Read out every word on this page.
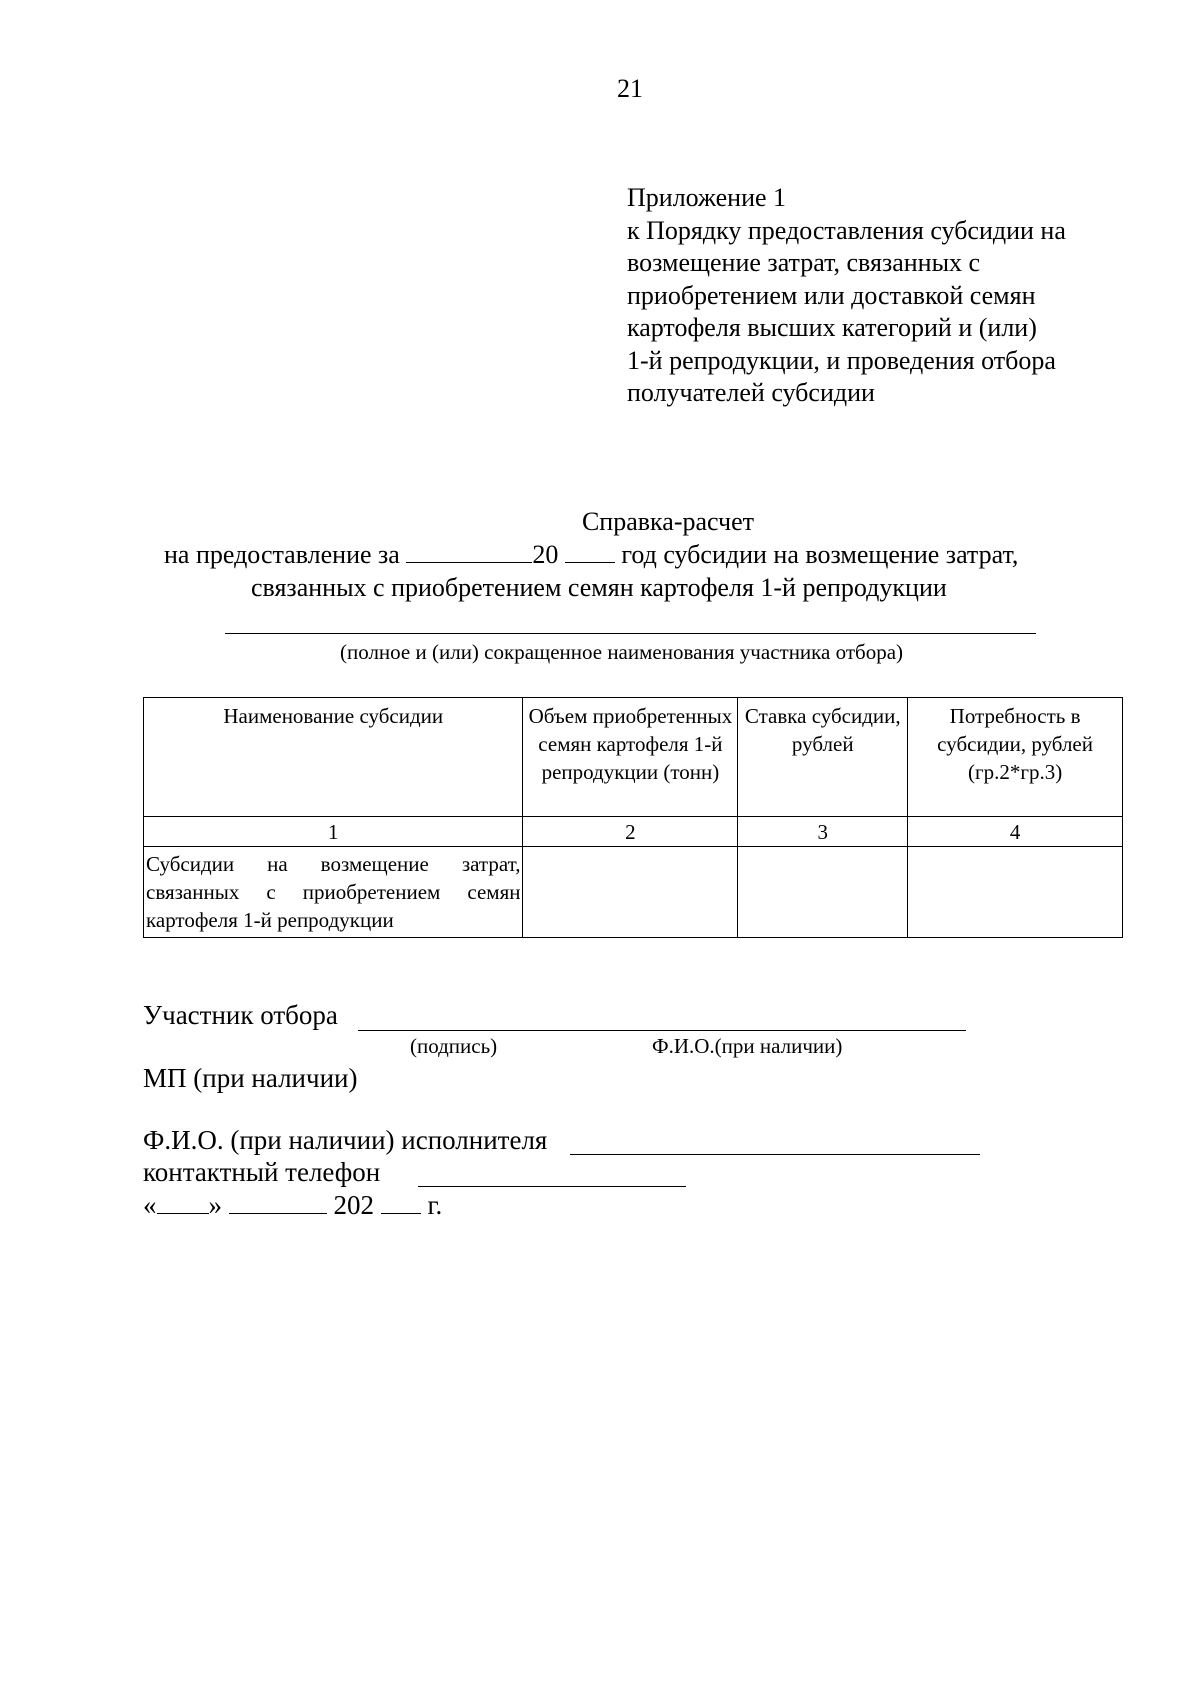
21
Приложение 1
к Порядку предоставления субсидии на
возмещение затрат, связанных с
приобретением или доставкой семян
картофеля высших категорий и (или)
1-й репродукции, и проведения отбора
получателей субсидии
Справка-расчет
на предоставление за	20 год субсидии на возмещение затрат,
связанных с приобретением семян картофеля 1-й репродукции
(полное и (или) сокращенное наименования участника отбора)
Наименование субсидии	Объем приобретенных семян картофеля 1-й репродукции (тонн)	Ставка субсидии, рублей	Потребность в субсидии, рублей (гр.2*гр.3)
1	2	3	4
Субсидии на возмещение затрат, связанных с приобретением семян картофеля 1-й репродукции			
Участник отбора
(подпись)	Ф.И.О.(при наличии)
МП (при наличии)
Ф.И.О. (при наличии) исполнителя
контактный телефон
« »	202 г.
